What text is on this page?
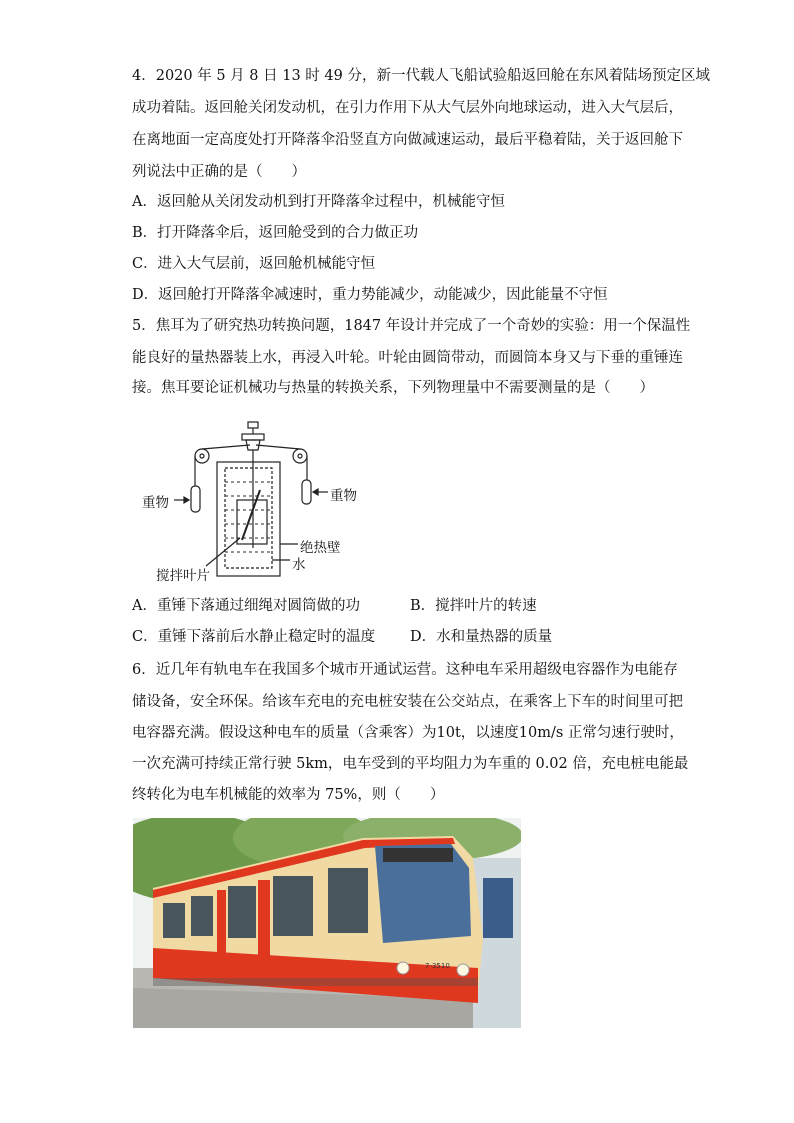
4．2020 年 5 月 8 日 13 时 49 分，新一代载人飞船试验船返回舱在东风着陆场预定区域
成功着陆。返回舱关闭发动机，在引力作用下从大气层外向地球运动，进入大气层后，
在离地面一定高度处打开降落伞沿竖直方向做减速运动，最后平稳着陆，关于返回舱下
列说法中正确的是（　　）
A．返回舱从关闭发动机到打开降落伞过程中，机械能守恒
B．打开降落伞后，返回舱受到的合力做正功
C．进入大气层前，返回舱机械能守恒
D．返回舱打开降落伞减速时，重力势能减少，动能减少，因此能量不守恒
5．焦耳为了研究热功转换问题，1847 年设计并完成了一个奇妙的实验：用一个保温性
能良好的量热器装上水，再浸入叶轮。叶轮由圆筒带动，而圆筒本身又与下垂的重锤连
接。焦耳要论证机械功与热量的转换关系，下列物理量中不需要测量的是（　　）
重物	重物
绝热壁
水
搅拌叶片
A．重锤下落通过细绳对圆筒做的功	B．搅拌叶片的转速
C．重锤下落前后水静止稳定时的温度 D．水和量热器的质量
6．近几年有轨电车在我国多个城市开通试运营。这种电车采用超级电容器作为电能存
储设备，安全环保。给该车充电的充电桩安装在公交站点，在乘客上下车的时间里可把
电容器充满。假设这种电车的质量（含乘客）为10t，以速度10m/s 正常匀速行驶时，
一次充满可持续正常行驶 5km，电车受到的平均阻力为车重的 0.02 倍，充电桩电能最
终转化为电车机械能的效率为 75%，则（　　）
7-3510
